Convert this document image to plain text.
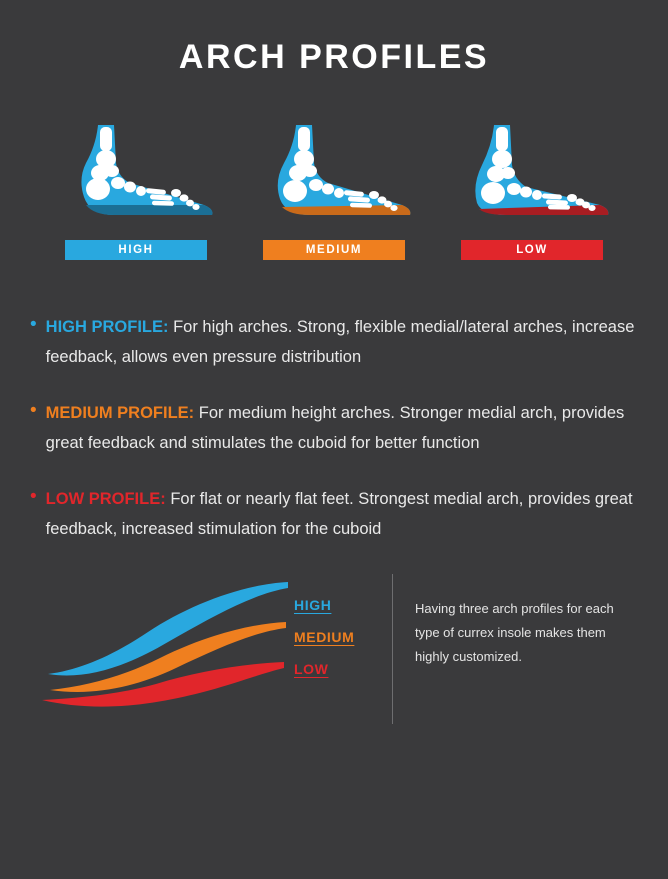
ARCH PROFILES
HIGH	MEDIUM	LOW
• HIGH PROFILE: For high arches. Strong, flexible medial/lateral arches, increase feedback, allows even pressure distribution
• MEDIUM PROFILE: For medium height arches. Stronger medial arch, provides great feedback and stimulates the cuboid for better function
• LOW PROFILE: For flat or nearly flat feet. Strongest medial arch, provides great feedback, increased stimulation for the cuboid
HIGH
MEDIUM
LOW
Having three arch profiles for each type of currex insole makes them highly customized.
